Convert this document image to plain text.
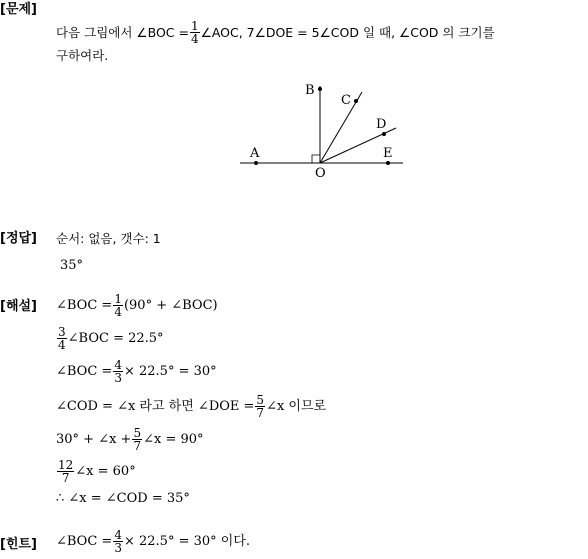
[문제]
다음 그림에서 ∠BOC = $\frac{1}{4}$ ∠AOC, 7∠DOE = 5∠COD 일 때, ∠COD 의 크기를
구하여라.
A
B
C
D
E
O
[정답] 순서: 없음, 갯수: 1
35°
[해설] ∠BOC = $\frac{1}{4} (90^\circ$ + ∠BOC)
$\frac{3}{4}$ ∠BOC = 22.5°
∠BOC = $\frac{4}{3} \times 22.5^\circ = 30^\circ$
∠COD = ∠x 라고 하면 ∠DOE = $\frac{5}{7}$ ∠x 이므로
30° + ∠x + $\frac{5}{7}$ ∠x = 90°
$\frac{12}{7}$ ∠x = 60°
∴ ∠x = ∠COD = 35°
[힌트] ∠BOC = $\frac{4}{3} \times 22.5^\circ = 30^\circ$ 이다.
